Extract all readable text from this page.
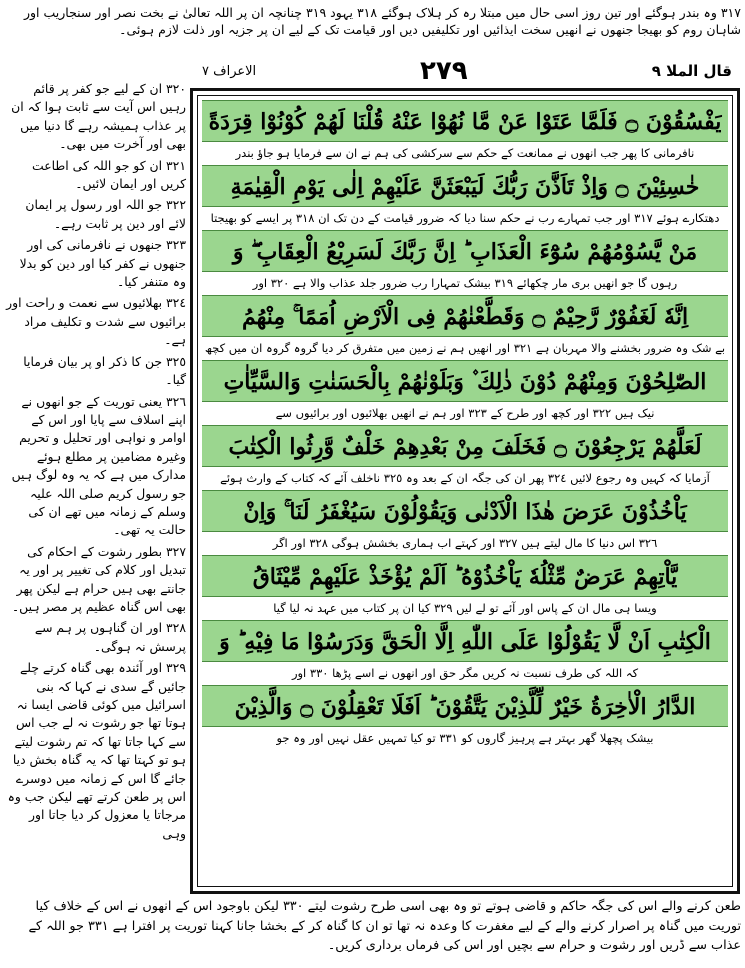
٣١٧ وہ بندر ہوگئے اور تین روز اسی حال میں مبتلا رہ کر ہلاک ہوگئے ٣١٨ یہود ٣١٩ چنانچہ ان پر اللہ تعالیٰ نے بخت نصر اور سنجاریب اور شاہان روم کو بھیجا جنھوں نے انھیں سخت ایذائیں اور تکلیفیں دیں اور قیامت تک کے لیے ان پر جزیہ اور ذلت لازم ہوئی۔
قال الملا ٩
٢٧٩
الاعراف ٧

٣٢٠ ان کے لیے جو کفر پر قائم رہیں اس آیت سے ثابت ہوا کہ ان پر عذاب ہمیشہ رہے گا دنیا میں بھی اور آخرت میں بھی۔

٣٢١ ان کو جو اللہ کی اطاعت کریں اور ایمان لائیں۔

٣٢٢ جو اللہ اور رسول پر ایمان لائے اور دین پر ثابت رہے۔

٣٢٣ جنھوں نے نافرمانی کی اور جنھوں نے کفر کیا اور دین کو بدلا وہ متنفر کیا۔

٣٢٤ بھلائیوں سے نعمت و راحت اور برائیوں سے شدت و تکلیف مراد ہے۔

٣٢٥ جن کا ذکر او پر بیان فرمایا گیا۔

٣٢٦ یعنی توریت کے جو انھوں نے اپنے اسلاف سے پایا اور اس کے اوامر و نواہی اور تحلیل و تحریم وغیرہ مضامین پر مطلع ہوئے مدارک میں ہے کہ یہ وہ لوگ ہیں جو رسول کریم صلی اللہ علیہ وسلم کے زمانہ میں تھے ان کی حالت یہ تھی۔

٣٢٧ بطور رشوت کے احکام کی تبدیل اور کلام کی تغییر پر اور یہ جانتے بھی ہیں حرام ہے لیکن پھر بھی اس گناہ عظیم پر مصر ہیں۔

٣٢٨ اور ان گناہوں پر ہم سے پرسش نہ ہوگی۔

٣٢٩ اور آئندہ بھی گناہ کرتے چلے جائیں گے سدی نے کہا کہ بنی اسرائیل میں کوئی قاضی ایسا نہ ہوتا تھا جو رشوت نہ لے جب اس سے کہا جاتا تھا کہ تم رشوت لیتے ہو تو کہتا تھا کہ یہ گناہ بخش دیا جائے گا اس کے زمانہ میں دوسرے اس پر طعن کرتے تھے لیکن جب وہ مرجاتا یا معزول کر دیا جاتا اور وہی

يَفْسُقُوْنَ ۝ فَلَمَّا عَتَوْا عَنْ مَّا نُهُوْا عَنْهُ قُلْنَا لَهُمْ كُوْنُوْا قِرَدَةً
نافرمانی کا پھر جب انھوں نے ممانعت کے حکم سے سرکشی کی ہم نے ان سے فرمایا ہو جاؤ بندر
خٰسِئِيْنَ ۝ وَاِذْ تَاَذَّنَ رَبُّكَ لَيَبْعَثَنَّ عَلَيْهِمْ اِلٰى يَوْمِ الْقِيٰمَةِ
دھتکارے ہوئے ٣١٧ اور جب تمہارے رب نے حکم سنا دیا کہ ضرور قیامت کے دن تک ان ٣١٨ پر ایسے کو بھیجتا
مَنْ يَّسُوْمُهُمْ سُوْٓءَ الْعَذَابِ ؕ اِنَّ رَبَّكَ لَسَرِيْعُ الْعِقَابِ ۖ وَ
رہوں گا جو انھیں بری مار چکھائے ٣١٩ بیشک تمہارا رب ضرور جلد عذاب والا ہے ٣٢٠ اور
اِنَّهٗ لَغَفُوْرٌ رَّحِيْمٌ ۝ وَقَطَّعْنٰهُمْ فِى الْاَرْضِ اُمَمًا ۚ مِنْهُمُ
بے شک وہ ضرور بخشنے والا مہربان ہے ٣٢١ اور انھیں ہم نے زمین میں متفرق کر دیا گروہ گروہ ان میں کچھ
الصّٰلِحُوْنَ وَمِنْهُمْ دُوْنَ ذٰلِكَ ۫ وَبَلَوْنٰهُمْ بِالْحَسَنٰتِ وَالسَّيِّاٰتِ
نیک ہیں ٣٢٢ اور کچھ اور طرح کے ٣٢٣ اور ہم نے انھیں بھلائیوں اور برائیوں سے
لَعَلَّهُمْ يَرْجِعُوْنَ ۝ فَخَلَفَ مِنْ بَعْدِهِمْ خَلْفٌ وَّرِثُوا الْكِتٰبَ
آزمایا کہ کہیں وہ رجوع لائیں ٣٢٤ پھر ان کی جگہ ان کے بعد وہ ٣٢٥ ناخلف آئے کہ کتاب کے وارث ہوئے
يَاْخُذُوْنَ عَرَضَ هٰذَا الْاَدْنٰى وَيَقُوْلُوْنَ سَيُغْفَرُ لَنَا ۚ وَاِنْ
٣٢٦ اس دنیا کا مال لیتے ہیں ٣٢٧ اور کہتے اب ہماری بخشش ہوگی ٣٢٨ اور اگر
يَّاْتِهِمْ عَرَضٌ مِّثْلُهٗ يَاْخُذُوْهُ ؕ اَلَمْ يُؤْخَذْ عَلَيْهِمْ مِّيْثَاقُ
ویسا ہی مال ان کے پاس اور آئے تو لے لیں ٣٢٩ کیا ان پر کتاب میں عہد نہ لیا گیا
الْكِتٰبِ اَنْ لَّا يَقُوْلُوْا عَلَى اللّٰهِ اِلَّا الْحَقَّ وَدَرَسُوْا مَا فِيْهِ ؕ وَ
کہ اللہ کی طرف نسبت نہ کریں مگر حق اور انھوں نے اسے پڑھا ٣٣٠ اور
الدَّارُ الْاٰخِرَةُ خَيْرٌ لِّلَّذِيْنَ يَتَّقُوْنَ ؕ اَفَلَا تَعْقِلُوْنَ ۝ وَالَّذِيْنَ
بیشک پچھلا گھر بہتر ہے پرہیز گاروں کو ٣٣١ تو کیا تمہیں عقل نہیں اور وہ جو
طعن کرنے والے اس کی جگہ حاکم و قاضی ہوتے تو وہ بھی اسی طرح رشوت لیتے ٣٣٠ لیکن باوجود اس کے انھوں نے اس کے خلاف کیا توریت میں گناہ پر اصرار کرنے والے کے لیے مغفرت کا وعدہ نہ تھا تو ان کا گناہ کر کے بخشا جانا کہنا توریت پر افترا ہے ٣٣١ جو اللہ کے عذاب سے ڈریں اور رشوت و حرام سے بچیں اور اس کی فرماں برداری کریں۔
